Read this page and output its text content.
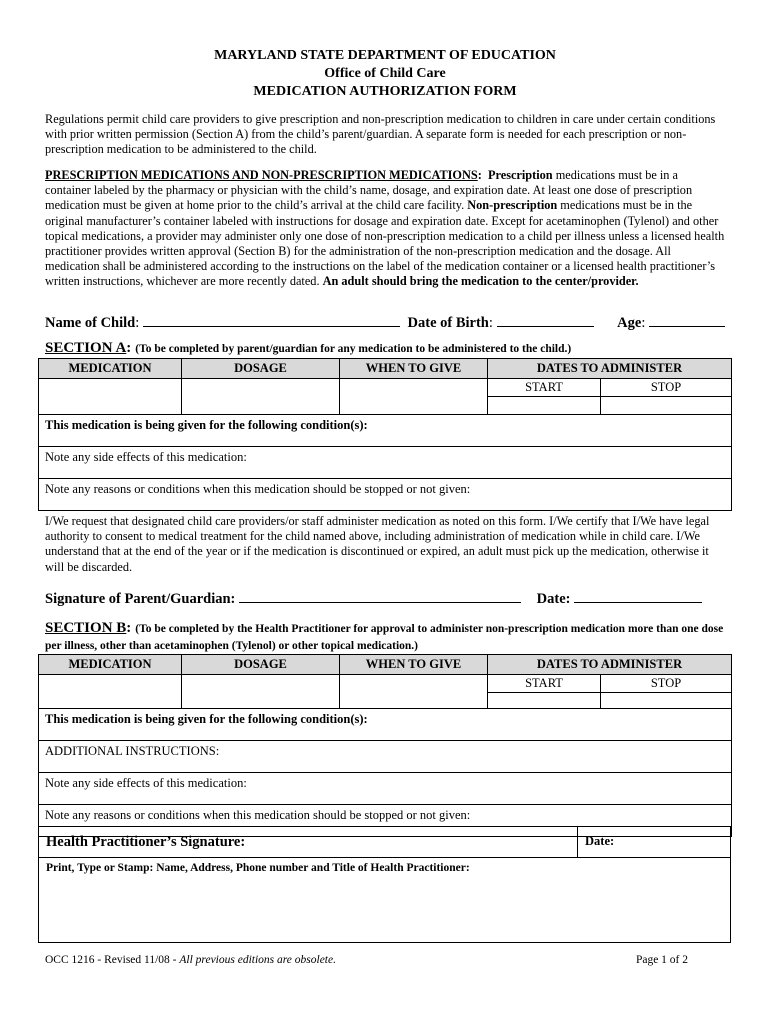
MARYLAND STATE DEPARTMENT OF EDUCATION
Office of Child Care
MEDICATION AUTHORIZATION FORM
Regulations permit child care providers to give prescription and non-prescription medication to children in care under certain conditions with prior written permission (Section A) from the child’s parent/guardian. A separate form is needed for each prescription or non-prescription medication to be administered to the child.
PRESCRIPTION MEDICATIONS AND NON-PRESCRIPTION MEDICATIONS: Prescription medications must be in a container labeled by the pharmacy or physician with the child’s name, dosage, and expiration date. At least one dose of prescription medication must be given at home prior to the child’s arrival at the child care facility. Non-prescription medications must be in the original manufacturer’s container labeled with instructions for dosage and expiration date. Except for acetaminophen (Tylenol) and other topical medications, a provider may administer only one dose of non-prescription medication to a child per illness unless a licensed health practitioner provides written approval (Section B) for the administration of the non-prescription medication and the dosage. All medication shall be administered according to the instructions on the label of the medication container or a licensed health practitioner’s written instructions, whichever are more recently dated. An adult should bring the medication to the center/provider.
Name of Child:	Date of Birth:	Age:
SECTION A: (To be completed by parent/guardian for any medication to be administered to the child.)
MEDICATION	DOSAGE	WHEN TO GIVE	DATES TO ADMINISTER	
			START	STOP

This medication is being given for the following condition(s):				
Note any side effects of this medication:				
Note any reasons or conditions when this medication should be stopped or not given:				
I/We request that designated child care providers/or staff administer medication as noted on this form. I/We certify that I/We have legal authority to consent to medical treatment for the child named above, including administration of medication while in child care. I/We understand that at the end of the year or if the medication is discontinued or expired, an adult must pick up the medication, otherwise it will be discarded.
Signature of Parent/Guardian:	Date:
SECTION B: (To be completed by the Health Practitioner for approval to administer non-prescription medication more than one dose per illness, other than acetaminophen (Tylenol) or other topical medication.)
MEDICATION	DOSAGE	WHEN TO GIVE	DATES TO ADMINISTER	
			START	STOP

This medication is being given for the following condition(s):				
ADDITIONAL INSTRUCTIONS:				
Note any side effects of this medication:				
Note any reasons or conditions when this medication should be stopped or not given:				
Health Practitioner’s Signature:	Date:
Print, Type or Stamp: Name, Address, Phone number and Title of Health Practitioner:
OCC 1216 - Revised 11/08 - All previous editions are obsolete.	Page 1 of 2
